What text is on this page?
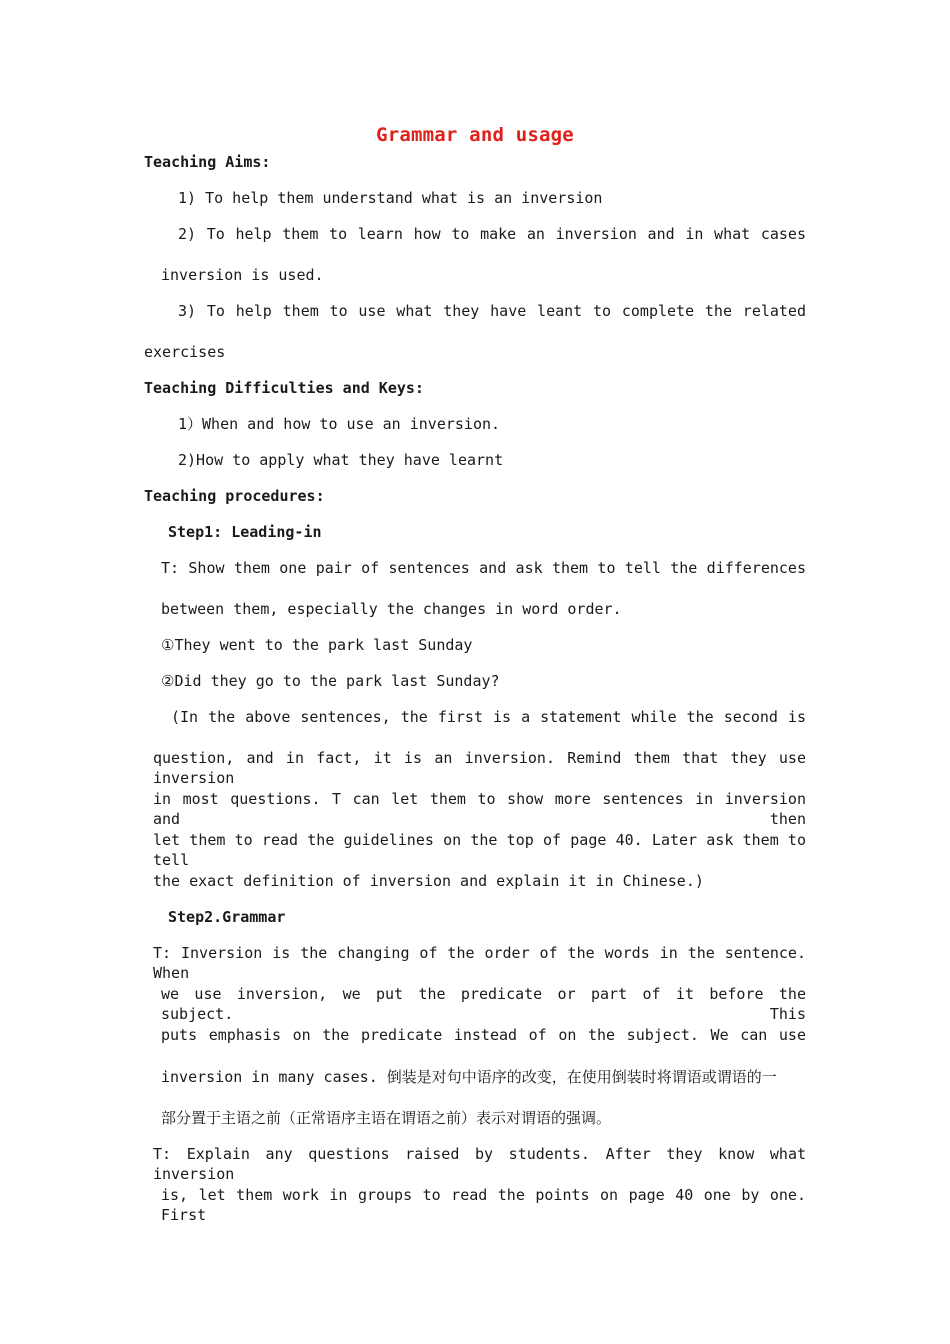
Grammar and usage
Teaching Aims:
1) To help them understand what is an inversion
2) To help them to learn how to make an inversion and in what cases
inversion is used.
3) To help them to use what they have leant to complete the related
exercises
Teaching Difficulties and Keys:
1）When and how to use an inversion.
2)How to apply what they have learnt
Teaching procedures:
Step1: Leading-in
T: Show them one pair of sentences and ask them to tell the differences
between them, especially the changes in word order.
①They went to the park last Sunday
②Did they go to the park last Sunday?
(In the above sentences, the first is a statement while the second is
question, and in fact, it is an inversion. Remind them that they use inversion
in most questions. T can let them to show more sentences in inversion and then
let them to read the guidelines on the top of page 40. Later ask them to tell
the exact definition of inversion and explain it in Chinese.)
Step2.Grammar
T: Inversion is the changing of the order of the words in the sentence. When
we use inversion, we put the predicate or part of it before the subject. This
puts emphasis on the predicate instead of on the subject. We can use
inversion in many cases. 倒装是对句中语序的改变，在使用倒装时将谓语或谓语的一
部分置于主语之前（正常语序主语在谓语之前）表示对谓语的强调。
T: Explain any questions raised by students. After they know what inversion
is, let them work in groups to read the points on page 40 one by one. First
